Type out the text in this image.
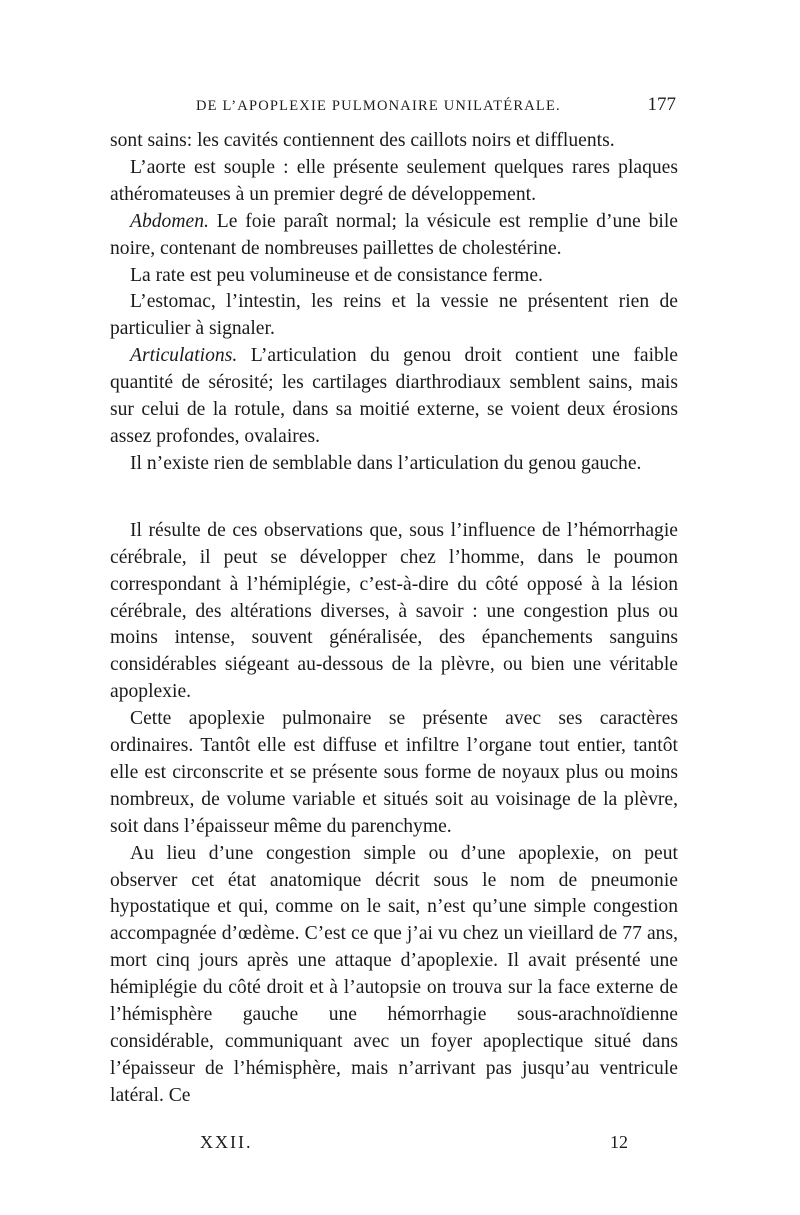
DE L’APOPLEXIE PULMONAIRE UNILATÉRALE.	177

sont sains: les cavités contiennent des caillots noirs et diffluents.

L’aorte est souple : elle présente seulement quelques rares plaques athéromateuses à un premier degré de développement.

Abdomen. Le foie paraît normal; la vésicule est remplie d’une bile noire, contenant de nombreuses paillettes de cholestérine.

La rate est peu volumineuse et de consistance ferme.

L’estomac, l’intestin, les reins et la vessie ne présentent rien de particulier à signaler.

Articulations. L’articulation du genou droit contient une faible quantité de sérosité; les cartilages diarthrodiaux semblent sains, mais sur celui de la rotule, dans sa moitié externe, se voient deux érosions assez profondes, ovalaires.

Il n’existe rien de semblable dans l’articulation du genou gauche.

Il résulte de ces observations que, sous l’influence de l’hémorrhagie cérébrale, il peut se développer chez l’homme, dans le poumon correspondant à l’hémiplégie, c’est-à-dire du côté opposé à la lésion cérébrale, des altérations diverses, à savoir : une congestion plus ou moins intense, souvent généralisée, des épanchements sanguins considérables siégeant au-dessous de la plèvre, ou bien une véritable apoplexie.

Cette apoplexie pulmonaire se présente avec ses caractères ordinaires. Tantôt elle est diffuse et infiltre l’organe tout entier, tantôt elle est circonscrite et se présente sous forme de noyaux plus ou moins nombreux, de volume variable et situés soit au voisinage de la plèvre, soit dans l’épaisseur même du parenchyme.

Au lieu d’une congestion simple ou d’une apoplexie, on peut observer cet état anatomique décrit sous le nom de pneumonie hypostatique et qui, comme on le sait, n’est qu’une simple congestion accompagnée d’œdème. C’est ce que j’ai vu chez un vieillard de 77 ans, mort cinq jours après une attaque d’apoplexie. Il avait présenté une hémiplégie du côté droit et à l’autopsie on trouva sur la face externe de l’hémisphère gauche une hémorrhagie sous-arachnoïdienne considérable, communiquant avec un foyer apoplectique situé dans l’épaisseur de l’hémisphère, mais n’arrivant pas jusqu’au ventricule latéral. Ce

XXII.	12
